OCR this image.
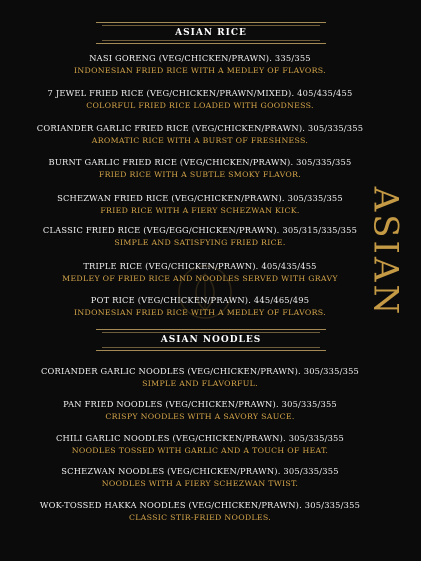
ASIAN RICE
NASI GORENG (VEG/CHICKEN/PRAWN). 335/355
INDONESIAN FRIED RICE WITH A MEDLEY OF FLAVORS.
7 JEWEL FRIED RICE (VEG/CHICKEN/PRAWN/MIXED). 405/435/455
COLORFUL FRIED RICE LOADED WITH GOODNESS.
CORIANDER GARLIC FRIED RICE (VEG/CHICKEN/PRAWN). 305/335/355
AROMATIC RICE WITH A BURST OF FRESHNESS.
BURNT GARLIC FRIED RICE (VEG/CHICKEN/PRAWN). 305/335/355
FRIED RICE WITH A SUBTLE SMOKY FLAVOR.
SCHEZWAN FRIED RICE (VEG/CHICKEN/PRAWN). 305/335/355
FRIED RICE WITH A FIERY SCHEZWAN KICK.
CLASSIC FRIED RICE (VEG/EGG/CHICKEN/PRAWN). 305/315/335/355
SIMPLE AND SATISFYING FRIED RICE.
TRIPLE RICE (VEG/CHICKEN/PRAWN). 405/435/455
MEDLEY OF FRIED RICE AND NOODLES SERVED WITH GRAVY
POT RICE (VEG/CHICKEN/PRAWN). 445/465/495
INDONESIAN FRIED RICE WITH A MEDLEY OF FLAVORS.
ASIAN NOODLES
CORIANDER GARLIC NOODLES (VEG/CHICKEN/PRAWN). 305/335/355
SIMPLE AND FLAVORFUL.
PAN FRIED NOODLES (VEG/CHICKEN/PRAWN). 305/335/355
CRISPY NOODLES WITH A SAVORY SAUCE.
CHILI GARLIC NOODLES (VEG/CHICKEN/PRAWN). 305/335/355
NOODLES TOSSED WITH GARLIC AND A TOUCH OF HEAT.
SCHEZWAN NOODLES (VEG/CHICKEN/PRAWN). 305/335/355
NOODLES WITH A FIERY SCHEZWAN TWIST.
WOK-TOSSED HAKKA NOODLES (VEG/CHICKEN/PRAWN). 305/335/355
CLASSIC STIR-FRIED NOODLES.
ASIAN
